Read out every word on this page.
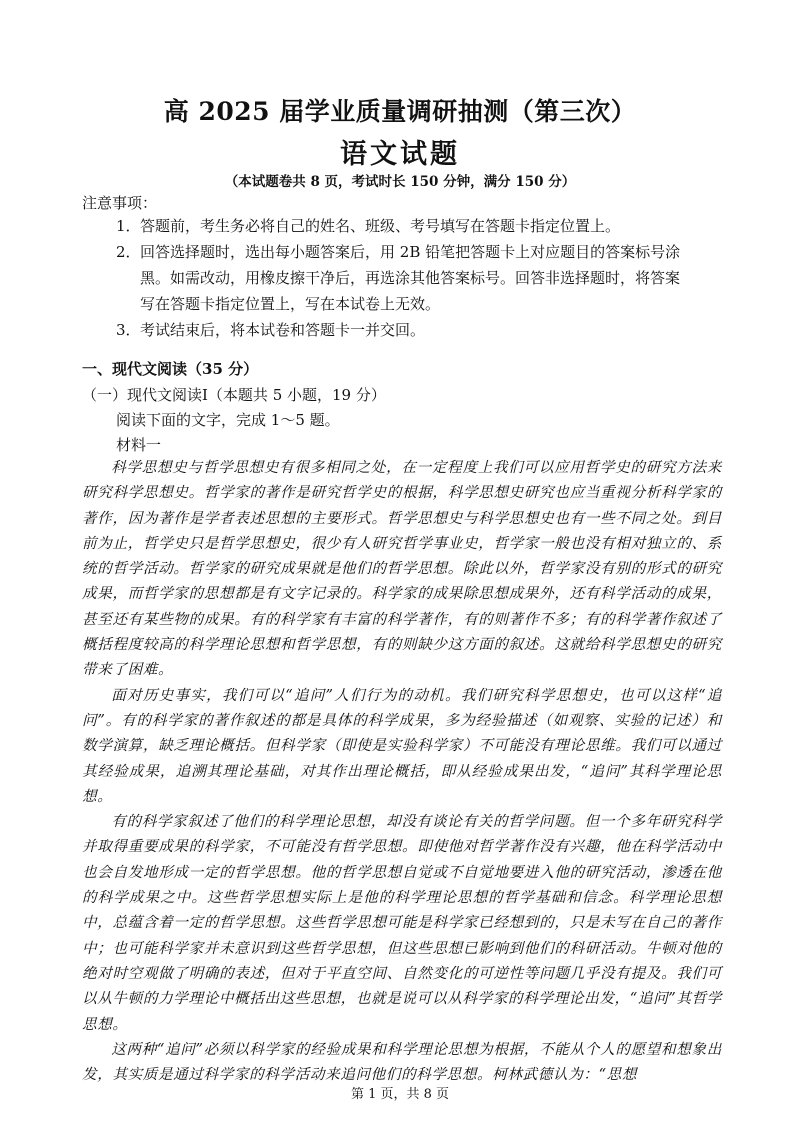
高 2025 届学业质量调研抽测（第三次）
语文试题
（本试题卷共 8 页，考试时长 150 分钟，满分 150 分）
注意事项：
1．答题前，考生务必将自己的姓名、班级、考号填写在答题卡指定位置上。
2．回答选择题时，选出每小题答案后，用 2B 铅笔把答题卡上对应题目的答案标号涂
黑。如需改动，用橡皮擦干净后，再选涂其他答案标号。回答非选择题时，将答案
写在答题卡指定位置上，写在本试卷上无效。
3．考试结束后，将本试卷和答题卡一并交回。
一、现代文阅读（35 分）
（一）现代文阅读Ⅰ（本题共 5 小题，19 分）
阅读下面的文字，完成 1～5 题。
材料一

科学思想史与哲学思想史有很多相同之处，在一定程度上我们可以应用哲学史的研究方法来研究科学思想史。哲学家的著作是研究哲学史的根据，科学思想史研究也应当重视分析科学家的著作，因为著作是学者表述思想的主要形式。哲学思想史与科学思想史也有一些不同之处。到目前为止，哲学史只是哲学思想史，很少有人研究哲学事业史，哲学家一般也没有相对独立的、系统的哲学活动。哲学家的研究成果就是他们的哲学思想。除此以外，哲学家没有别的形式的研究成果，而哲学家的思想都是有文字记录的。科学家的成果除思想成果外，还有科学活动的成果，甚至还有某些物的成果。有的科学家有丰富的科学著作，有的则著作不多；有的科学著作叙述了概括程度较高的科学理论思想和哲学思想，有的则缺少这方面的叙述。这就给科学思想史的研究带来了困难。

面对历史事实，我们可以“追问”人们行为的动机。我们研究科学思想史，也可以这样“追问”。有的科学家的著作叙述的都是具体的科学成果，多为经验描述（如观察、实验的记述）和数学演算，缺乏理论概括。但科学家（即使是实验科学家）不可能没有理论思维。我们可以通过其经验成果，追溯其理论基础，对其作出理论概括，即从经验成果出发，“追问”其科学理论思想。

有的科学家叙述了他们的科学理论思想，却没有谈论有关的哲学问题。但一个多年研究科学并取得重要成果的科学家，不可能没有哲学思想。即使他对哲学著作没有兴趣，他在科学活动中也会自发地形成一定的哲学思想。他的哲学思想自觉或不自觉地要进入他的研究活动，渗透在他的科学成果之中。这些哲学思想实际上是他的科学理论思想的哲学基础和信念。科学理论思想中，总蕴含着一定的哲学思想。这些哲学思想可能是科学家已经想到的，只是未写在自己的著作中；也可能科学家并未意识到这些哲学思想，但这些思想已影响到他们的科研活动。牛顿对他的绝对时空观做了明确的表述，但对于平直空间、自然变化的可逆性等问题几乎没有提及。我们可以从牛顿的力学理论中概括出这些思想，也就是说可以从科学家的科学理论出发，“追问”其哲学思想。

这两种“追问”必须以科学家的经验成果和科学理论思想为根据，不能从个人的愿望和想象出发，其实质是通过科学家的科学活动来追问他们的科学思想。柯林武德认为：“思想

第 1 页，共 8 页
